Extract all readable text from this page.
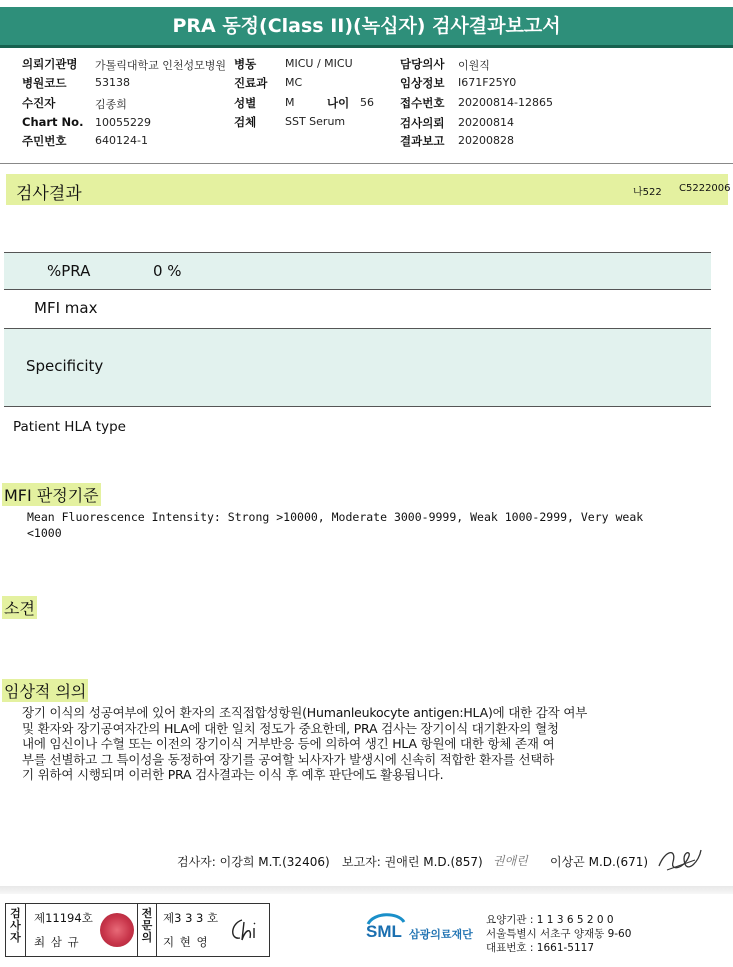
PRA 동정(Class II)(녹십자) 검사결과보고서
의뢰기관명 가톨릭대학교 인천성모병원 병동	MICU / MICU	담당의사 이원직
병원코드	53138	진료과 MC	임상정보 I671F25Y0
수진자	김종희	성별	M	나이 56 접수번호 20200814-12865
Chart No. 10055229	검체	SST Serum	검사의뢰 20200814
주민번호	640124-1	결과보고 20200828
검사결과	나522 C5222006
%PRA	0 %
MFI max
Specificity
Patient HLA type
MFI 판정기준
Mean Fluorescence Intensity: Strong >10000, Moderate 3000-9999, Weak 1000-2999, Very weak
<1000
소견
임상적 의의
장기 이식의 성공여부에 있어 환자의 조직접합성항원(Humanleukocyte antigen:HLA)에 대한 감작 여부
및 환자와 장기공여자간의 HLA에 대한 일치 정도가 중요한데, PRA 검사는 장기이식 대기환자의 혈청
내에 임신이나 수혈 또는 이전의 장기이식 거부반응 등에 의하여 생긴 HLA 항원에 대한 항체 존재 여
부를 선별하고 그 특이성을 동정하여 장기를 공여할 뇌사자가 발생시에 신속히 적합한 환자를 선택하
기 위하여 시행되며 이러한 PRA 검사결과는 이식 후 예후 판단에도 활용됩니다.
검사자: 이강희 M.T.(32406) 보고자: 권애린 M.D.(857) 권애린 이상곤 M.D.(671)
검
사
자
제11194호
최 삼 규
전
문
의
제3 3 3 호
지 현 영
SML 삼광의료재단
요양기관 : 1 1 3 6 5 2 0 0
서울특별시 서초구 양재동 9-60
대표번호 : 1661-5117
